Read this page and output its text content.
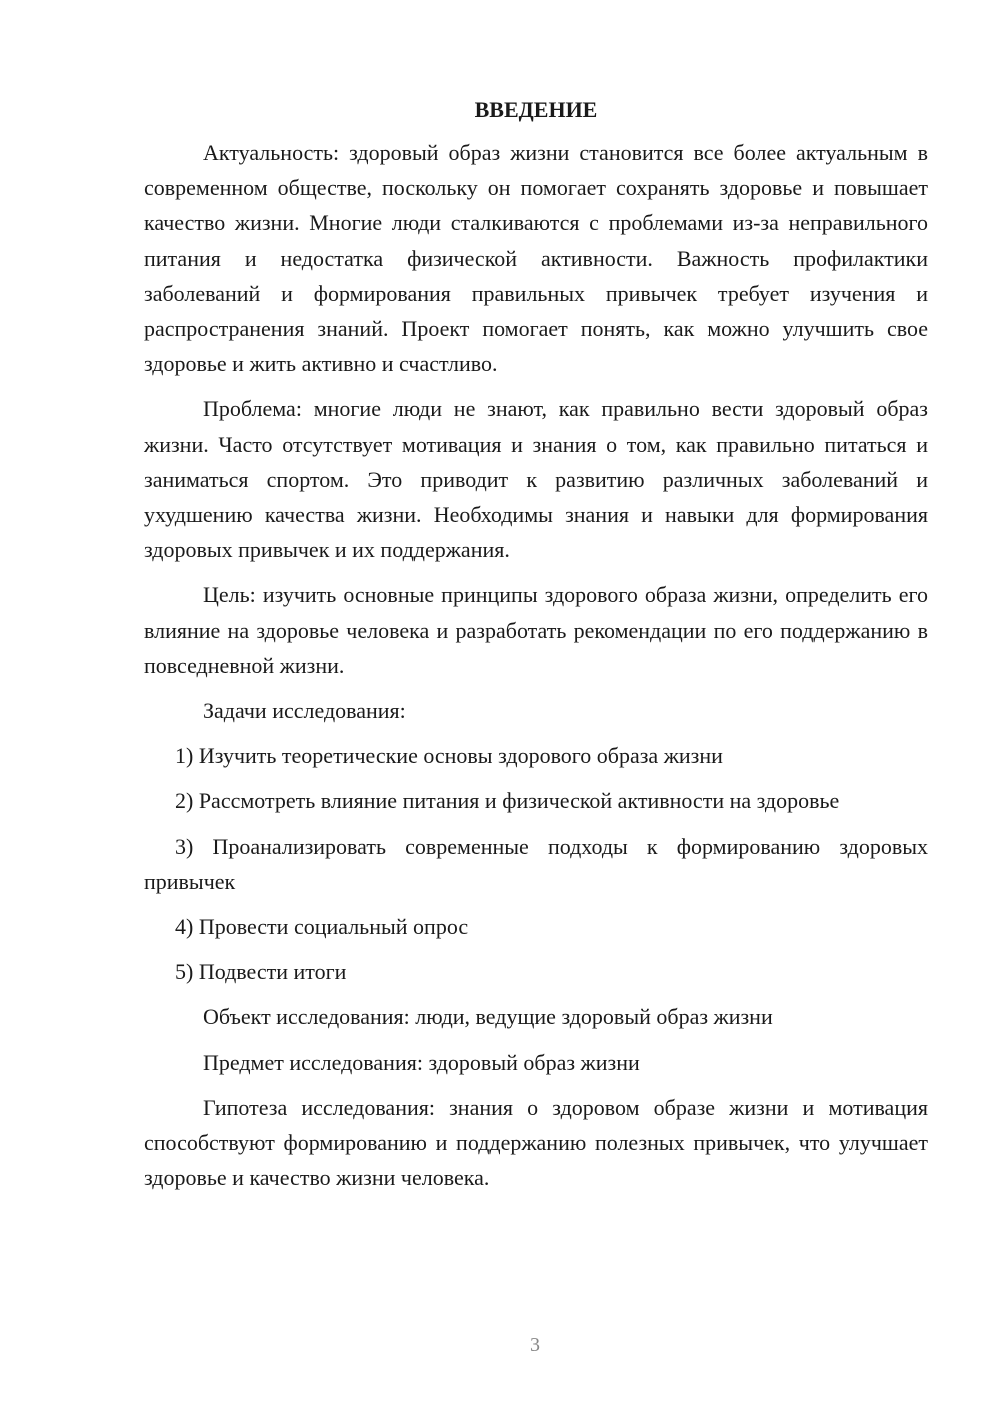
ВВЕДЕНИЕ

Актуальность: здоровый образ жизни становится все более актуальным в современном обществе, поскольку он помогает сохранять здоровье и повышает качество жизни. Многие люди сталкиваются с проблемами из-за неправильного питания и недостатка физической активности. Важность профилактики заболеваний и формирования правильных привычек требует изучения и распространения знаний. Проект помогает понять, как можно улучшить свое здоровье и жить активно и счастливо.

Проблема: многие люди не знают, как правильно вести здоровый образ жизни. Часто отсутствует мотивация и знания о том, как правильно питаться и заниматься спортом. Это приводит к развитию различных заболеваний и ухудшению качества жизни. Необходимы знания и навыки для формирования здоровых привычек и их поддержания.

Цель: изучить основные принципы здорового образа жизни, определить его влияние на здоровье человека и разработать рекомендации по его поддержанию в повседневной жизни.

Задачи исследования:

1) Изучить теоретические основы здорового образа жизни

2) Рассмотреть влияние питания и физической активности на здоровье

3) Проанализировать современные подходы к формированию здоровых привычек

4) Провести социальный опрос

5) Подвести итоги

Объект исследования: люди, ведущие здоровый образ жизни

Предмет исследования: здоровый образ жизни

Гипотеза исследования: знания о здоровом образе жизни и мотивация способствуют формированию и поддержанию полезных привычек, что улучшает здоровье и качество жизни человека.

3
